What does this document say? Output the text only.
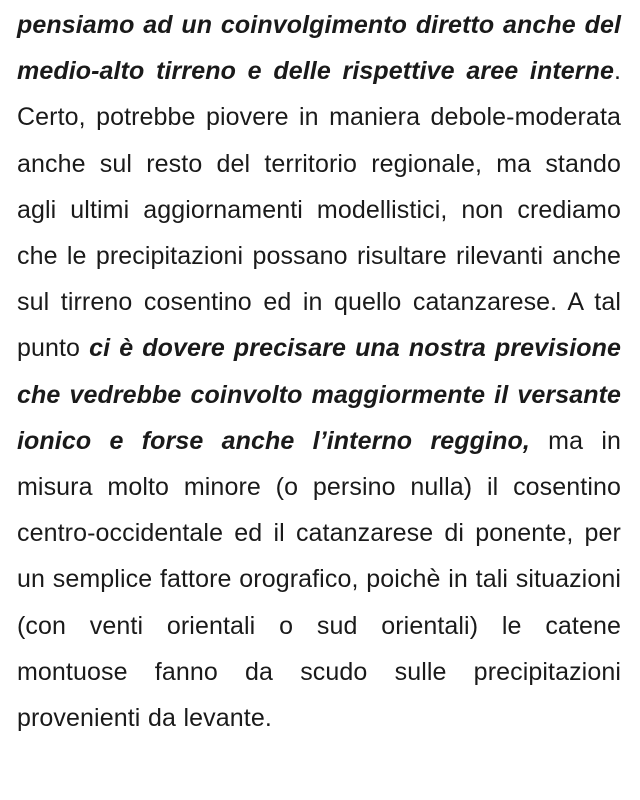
pensiamo ad un coinvolgimento diretto anche del medio-alto tirreno e delle rispettive aree interne. Certo, potrebbe piovere in maniera debole-moderata anche sul resto del territorio regionale, ma stando agli ultimi aggiornamenti modellistici, non crediamo che le precipitazioni possano risultare rilevanti anche sul tirreno cosentino ed in quello catanzarese. A tal punto ci è dovere precisare una nostra previsione che vedrebbe coinvolto maggiormente il versante ionico e forse anche l’interno reggino, ma in misura molto minore (o persino nulla) il cosentino centro-occidentale ed il catanzarese di ponente, per un semplice fattore orografico, poichè in tali situazioni (con venti orientali o sud orientali) le catene montuose fanno da scudo sulle precipitazioni provenienti da levante.
